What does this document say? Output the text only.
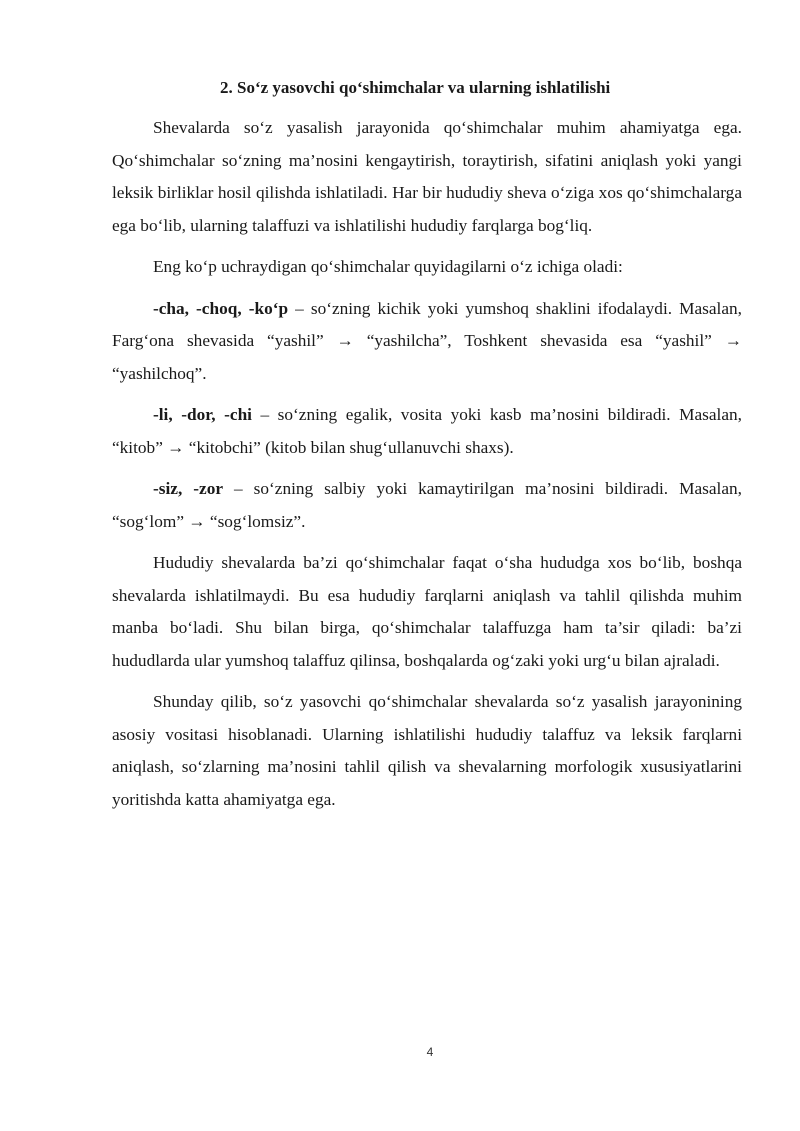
2. So‘z yasovchi qo‘shimchalar va ularning ishlatilishi

Shevalarda so‘z yasalish jarayonida qo‘shimchalar muhim ahamiyatga ega. Qo‘shimchalar so‘zning ma’nosini kengaytirish, toraytirish, sifatini aniqlash yoki yangi leksik birliklar hosil qilishda ishlatiladi. Har bir hududiy sheva o‘ziga xos qo‘shimchalarga ega bo‘lib, ularning talaffuzi va ishlatilishi hududiy farqlarga bog‘liq.

Eng ko‘p uchraydigan qo‘shimchalar quyidagilarni o‘z ichiga oladi:

-cha, -choq, -ko‘p – so‘zning kichik yoki yumshoq shaklini ifodalaydi. Masalan, Farg‘ona shevasida “yashil” → “yashilcha”, Toshkent shevasida esa “yashil” → “yashilchoq”.

-li, -dor, -chi – so‘zning egalik, vosita yoki kasb ma’nosini bildiradi. Masalan, “kitob” → “kitobchi” (kitob bilan shug‘ullanuvchi shaxs).

-siz, -zor – so‘zning salbiy yoki kamaytirilgan ma’nosini bildiradi. Masalan, “sog‘lom” → “sog‘lomsiz”.

Hududiy shevalarda ba’zi qo‘shimchalar faqat o‘sha hududga xos bo‘lib, boshqa shevalarda ishlatilmaydi. Bu esa hududiy farqlarni aniqlash va tahlil qilishda muhim manba bo‘ladi. Shu bilan birga, qo‘shimchalar talaffuzga ham ta’sir qiladi: ba’zi hududlarda ular yumshoq talaffuz qilinsa, boshqalarda og‘zaki yoki urg‘u bilan ajraladi.

Shunday qilib, so‘z yasovchi qo‘shimchalar shevalarda so‘z yasalish jarayonining asosiy vositasi hisoblanadi. Ularning ishlatilishi hududiy talaffuz va leksik farqlarni aniqlash, so‘zlarning ma’nosini tahlil qilish va shevalarning morfologik xususiyatlarini yoritishda katta ahamiyatga ega.

4
